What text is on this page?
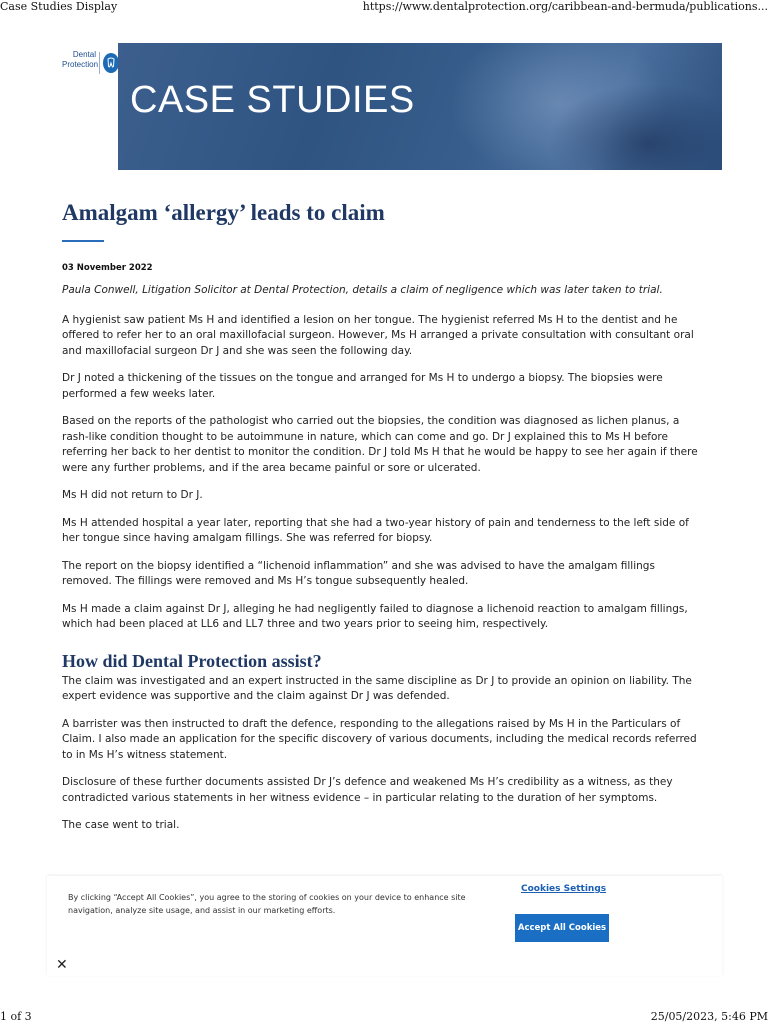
Case Studies Display	https://www.dentalprotection.org/caribbean-and-bermuda/publications...
Dental
Protection
CASE STUDIES
Amalgam ‘allergy’ leads to claim
03 November 2022

Paula Conwell, Litigation Solicitor at Dental Protection, details a claim of negligence which was later taken to trial.

A hygienist saw patient Ms H and identified a lesion on her tongue. The hygienist referred Ms H to the dentist and he offered to refer her to an oral maxillofacial surgeon. However, Ms H arranged a private consultation with consultant oral and maxillofacial surgeon Dr J and she was seen the following day.

Dr J noted a thickening of the tissues on the tongue and arranged for Ms H to undergo a biopsy. The biopsies were performed a few weeks later.

Based on the reports of the pathologist who carried out the biopsies, the condition was diagnosed as lichen planus, a rash-like condition thought to be autoimmune in nature, which can come and go. Dr J explained this to Ms H before referring her back to her dentist to monitor the condition. Dr J told Ms H that he would be happy to see her again if there were any further problems, and if the area became painful or sore or ulcerated.

Ms H did not return to Dr J.

Ms H attended hospital a year later, reporting that she had a two-year history of pain and tenderness to the left side of her tongue since having amalgam fillings. She was referred for biopsy.

The report on the biopsy identified a “lichenoid inflammation” and she was advised to have the amalgam fillings removed. The fillings were removed and Ms H’s tongue subsequently healed.

Ms H made a claim against Dr J, alleging he had negligently failed to diagnose a lichenoid reaction to amalgam fillings, which had been placed at LL6 and LL7 three and two years prior to seeing him, respectively.

How did Dental Protection assist?

The claim was investigated and an expert instructed in the same discipline as Dr J to provide an opinion on liability. The expert evidence was supportive and the claim against Dr J was defended.

A barrister was then instructed to draft the defence, responding to the allegations raised by Ms H in the Particulars of Claim. I also made an application for the specific discovery of various documents, including the medical records referred to in Ms H’s witness statement.

Disclosure of these further documents assisted Dr J’s defence and weakened Ms H’s credibility as a witness, as they contradicted various statements in her witness evidence – in particular relating to the duration of her symptoms.

The case went to trial.

By clicking “Accept All Cookies”, you agree to the storing of cookies on your device to enhance site navigation, analyze site usage, and assist in our marketing efforts.
Cookies Settings
Accept All Cookies
✕
1 of 3	25/05/2023, 5:46 PM
